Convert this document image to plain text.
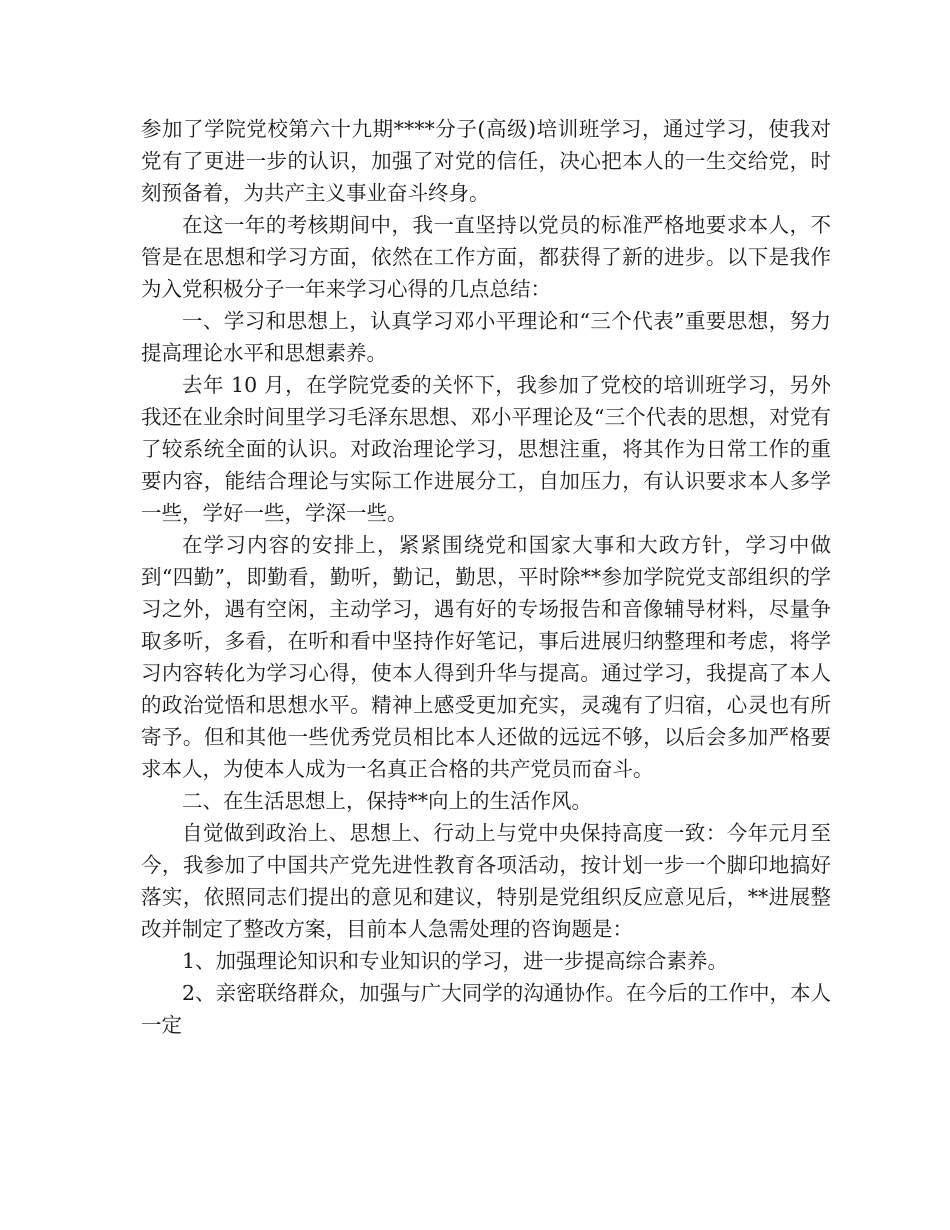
参加了学院党校第六十九期****分子(高级)培训班学习，通过学习，使我对党有了更进一步的认识，加强了对党的信任，决心把本人的一生交给党，时刻预备着，为共产主义事业奋斗终身。

在这一年的考核期间中，我一直坚持以党员的标准严格地要求本人，不管是在思想和学习方面，依然在工作方面，都获得了新的进步。以下是我作为入党积极分子一年来学习心得的几点总结：

一、学习和思想上，认真学习邓小平理论和“三个代表”重要思想，努力提高理论水平和思想素养。

去年 10 月，在学院党委的关怀下，我参加了党校的培训班学习，另外我还在业余时间里学习毛泽东思想、邓小平理论及“三个代表的思想，对党有了较系统全面的认识。对政治理论学习，思想注重，将其作为日常工作的重要内容，能结合理论与实际工作进展分工，自加压力，有认识要求本人多学一些，学好一些，学深一些。

在学习内容的安排上，紧紧围绕党和国家大事和大政方针，学习中做到“四勤”，即勤看，勤听，勤记，勤思，平时除**参加学院党支部组织的学习之外，遇有空闲，主动学习，遇有好的专场报告和音像辅导材料，尽量争取多听，多看，在听和看中坚持作好笔记，事后进展归纳整理和考虑，将学习内容转化为学习心得，使本人得到升华与提高。通过学习，我提高了本人的政治觉悟和思想水平。精神上感受更加充实，灵魂有了归宿，心灵也有所寄予。但和其他一些优秀党员相比本人还做的远远不够，以后会多加严格要求本人，为使本人成为一名真正合格的共产党员而奋斗。

二、在生活思想上，保持**向上的生活作风。

自觉做到政治上、思想上、行动上与党中央保持高度一致：今年元月至今，我参加了中国共产党先进性教育各项活动，按计划一步一个脚印地搞好落实，依照同志们提出的意见和建议，特别是党组织反应意见后，**进展整改并制定了整改方案，目前本人急需处理的咨询题是：

1、加强理论知识和专业知识的学习，进一步提高综合素养。

2、亲密联络群众，加强与广大同学的沟通协作。在今后的工作中，本人一定
